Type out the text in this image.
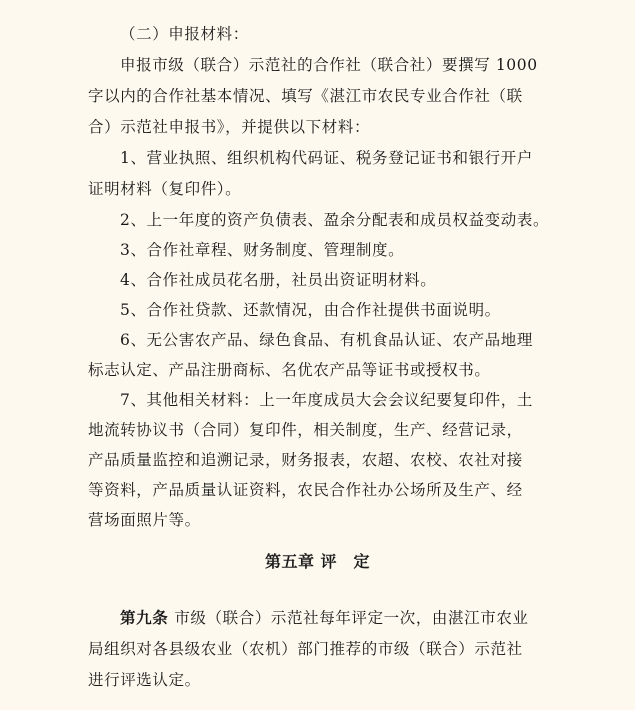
（二）申报材料：
申报市级（联合）示范社的合作社（联合社）要撰写 1000
字以内的合作社基本情况、填写《湛江市农民专业合作社（联
合）示范社申报书》，并提供以下材料：
1、营业执照、组织机构代码证、税务登记证书和银行开户
证明材料（复印件）。
2、上一年度的资产负债表、盈余分配表和成员权益变动表。
3、合作社章程、财务制度、管理制度。
4、合作社成员花名册，社员出资证明材料。
5、合作社贷款、还款情况，由合作社提供书面说明。
6、无公害农产品、绿色食品、有机食品认证、农产品地理
标志认定、产品注册商标、名优农产品等证书或授权书。
7、其他相关材料：上一年度成员大会会议纪要复印件，土
地流转协议书（合同）复印件，相关制度，生产、经营记录，
产品质量监控和追溯记录，财务报表，农超、农校、农社对接
等资料，产品质量认证资料，农民合作社办公场所及生产、经
营场面照片等。
第五章 评　定
第九条 市级（联合）示范社每年评定一次，由湛江市农业
局组织对各县级农业（农机）部门推荐的市级（联合）示范社
进行评选认定。
